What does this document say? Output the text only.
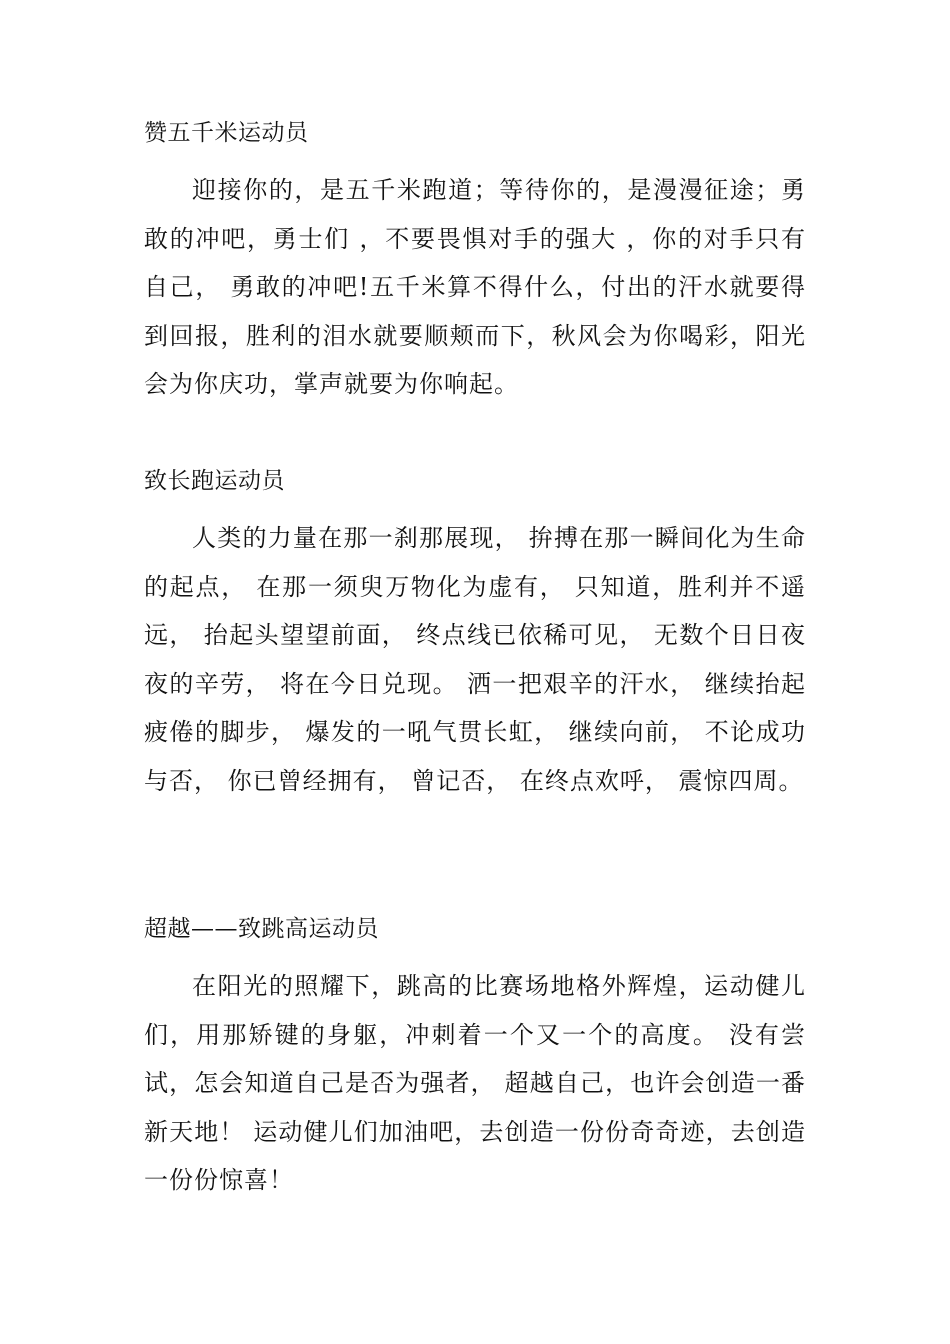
赞五千米运动员

迎接你的，是五千米跑道；等待你的，是漫漫征途；勇敢的冲吧，勇士们 ，不要畏惧对手的强大 ，你的对手只有自己， 勇敢的冲吧!五千米算不得什么，付出的汗水就要得到回报，胜利的泪水就要顺颊而下，秋风会为你喝彩，阳光会为你庆功，掌声就要为你响起。

致长跑运动员

人类的力量在那一刹那展现， 拚搏在那一瞬间化为生命的起点， 在那一须臾万物化为虚有， 只知道，胜利并不遥远， 抬起头望望前面， 终点线已依稀可见， 无数个日日夜夜的辛劳， 将在今日兑现。 洒一把艰辛的汗水， 继续抬起疲倦的脚步， 爆发的一吼气贯长虹， 继续向前， 不论成功与否， 你已曾经拥有， 曾记否， 在终点欢呼， 震惊四周。

超越——致跳高运动员

在阳光的照耀下，跳高的比赛场地格外辉煌，运动健儿们，用那矫键的身躯，冲刺着一个又一个的高度。 没有尝试，怎会知道自己是否为强者， 超越自己，也许会创造一番新天地！ 运动健儿们加油吧，去创造一份份奇奇迹，去创造一份份惊喜！
